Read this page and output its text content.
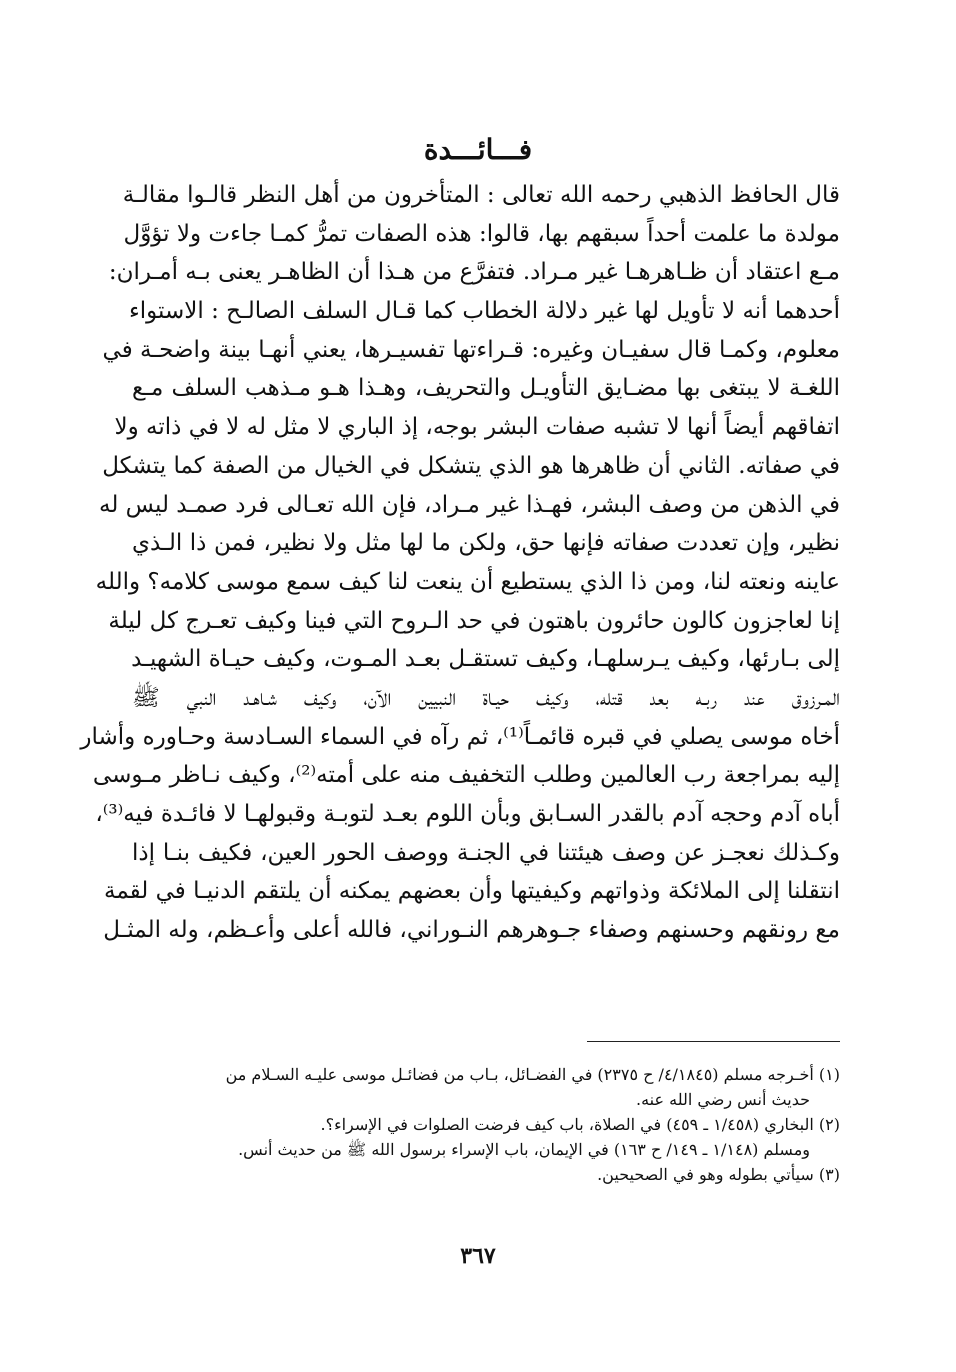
فـــائـــدة
قال الحافظ الذهبي رحمه الله تعالى : المتأخرون من أهل النظر قالـوا مقالـة
مولدة ما علمت أحداً سبقهم بها، قالوا: هذه الصفات تمرُّ كمـا جاءت ولا تؤوَّل
مـع اعتقاد أن ظـاهرهـا غير مـراد. فتفرَّع من هـذا أن الظاهـر يعنى بـه أمـران:
أحدهما أنه لا تأويل لها غير دلالة الخطاب كما قـال السلف الصالـح : الاستواء
معلوم، وكمـا قال سفيـان وغيره: قـراءتها تفسيـرها، يعني أنهـا بينة واضحـة في
اللغـة لا يبتغى بها مضـايق التأويـل والتحريف، وهـذا هـو مـذهب السلف مـع
اتفاقهم أيضاً أنها لا تشبه صفات البشر بوجه، إذ الباري لا مثل له لا في ذاته ولا
في صفاته. الثاني أن ظاهرها هو الذي يتشكل في الخيال من الصفة كما يتشكل
في الذهن من وصف البشر، فهـذا غير مـراد، فإن الله تعـالى فرد صمـد ليس له
نظير، وإن تعددت صفاته فإنها حق، ولكن ما لها مثل ولا نظير، فمن ذا الـذي
عاينه ونعته لنا، ومن ذا الذي يستطيع أن ينعت لنا كيف سمع موسى كلامه؟ والله
إنا لعاجزون كالون حائرون باهتون في حد الـروح التي فينا وكيف تعـرج كل ليلة
إلى بـارئها، وكيف يـرسلهـا، وكيف تستقـل بعـد المـوت، وكيف حيـاة الشهيـد
المـرزوق عند ربـه بعد قتله، وكيف حيـاة النبيين الآن، وكيف شـاهـد النبي ﷺ
أخاه موسى يصلي في قبره قائمـاً⁽¹⁾، ثم رآه في السماء السـادسة وحـاوره وأشار
إليه بمراجعة رب العالمين وطلب التخفيف منه على أمته⁽²⁾، وكيف نـاظر مـوسى
أباه آدم وحجه آدم بالقدر السـابق وبأن اللوم بعـد لتوبـة وقبولهـا لا فائـدة فيه⁽³⁾،
وكـذلك نعجـز عن وصف هيئتنا في الجنـة ووصف الحور العين، فكيف بنـا إذا
انتقلنا إلى الملائكة وذواتهم وكيفيتها وأن بعضهم يمكنه أن يلتقم الدنيـا في لقمة
مع رونقهم وحسنهم وصفاء جـوهرهم النـوراني، فالله أعلى وأعـظم، وله المثـل
(١) أخـرجه مسلم (٤/١٨٤٥/ ح ٢٣٧٥) في الفضـائل، بـاب من فضائـل موسى عليـه السـلام من
حديث أنس رضي الله عنه.
(٢) البخاري (١/٤٥٨ ـ ٤٥٩) في الصلاة، باب كيف فرضت الصلوات في الإسراء؟.
ومسلم (١/١٤٨ ـ ١٤٩/ ح ١٦٣) في الإيمان، باب الإسراء برسول الله ﷺ من حديث أنس.
(٣) سيأتي بطوله وهو في الصحيحين.
٣٦٧
